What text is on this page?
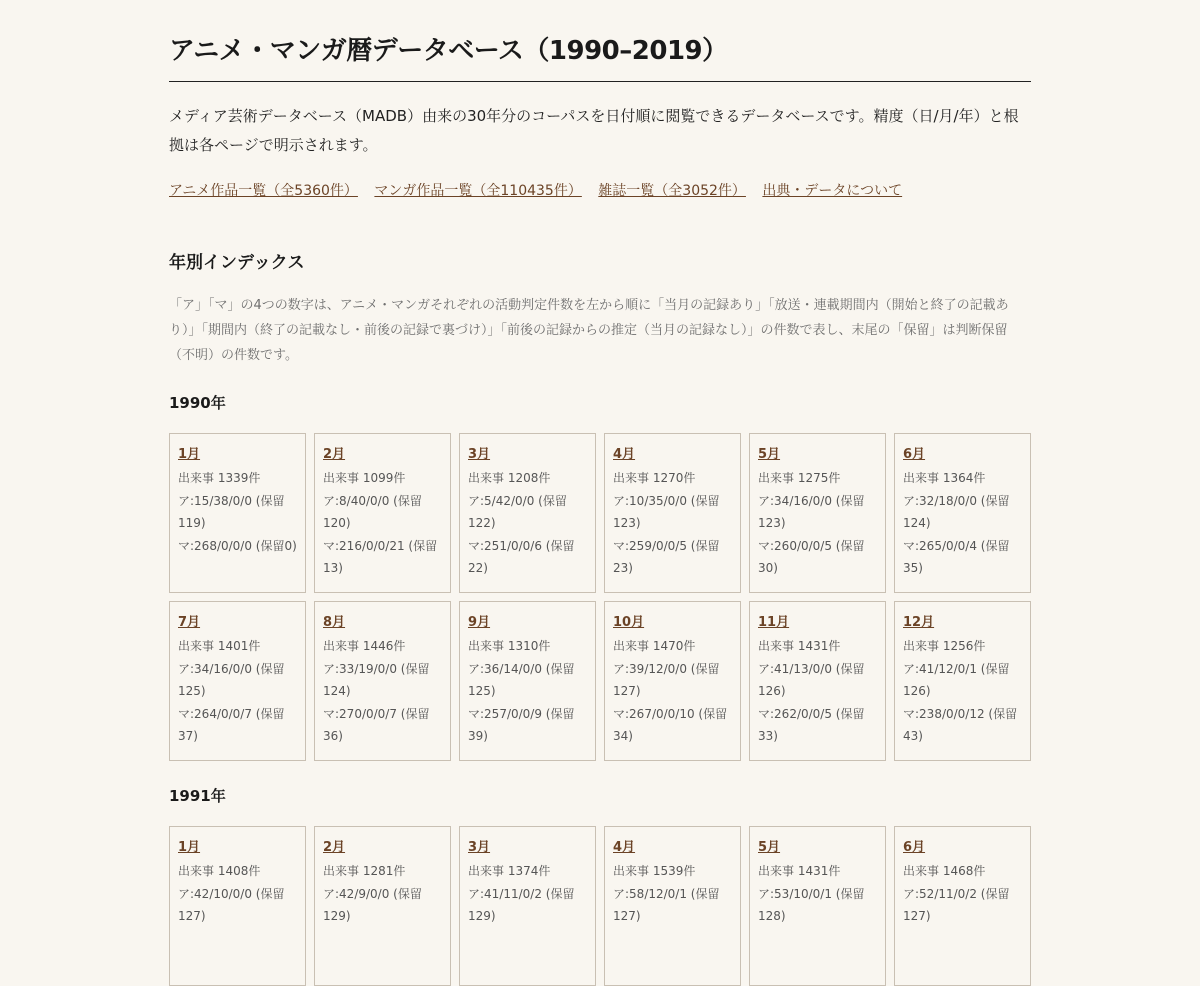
アニメ・マンガ暦データベース（1990–2019）

メディア芸術データベース（MADB）由来の30年分のコーパスを日付順に閲覧できるデータベースです。精度（日/月/年）と根拠は各ページで明示されます。

アニメ作品一覧（全5360件） マンガ作品一覧（全110435件） 雑誌一覧（全3052件） 出典・データについて
年別インデックス

「ア」「マ」の4つの数字は、アニメ・マンガそれぞれの活動判定件数を左から順に「当月の記録あり」「放送・連載期間内（開始と終了の記載あり）」「期間内（終了の記載なし・前後の記録で裏づけ）」「前後の記録からの推定（当月の記録なし）」の件数で表し、末尾の「保留」は判断保留（不明）の件数です。

1990年
1月
出来事 1339件
ア:15/38/0/0 (保留119)
マ:268/0/0/0 (保留0)
2月
出来事 1099件
ア:8/40/0/0 (保留120)
マ:216/0/0/21 (保留13)
3月
出来事 1208件
ア:5/42/0/0 (保留122)
マ:251/0/0/6 (保留22)
4月
出来事 1270件
ア:10/35/0/0 (保留123)
マ:259/0/0/5 (保留23)
5月
出来事 1275件
ア:34/16/0/0 (保留123)
マ:260/0/0/5 (保留30)
6月
出来事 1364件
ア:32/18/0/0 (保留124)
マ:265/0/0/4 (保留35)
7月
出来事 1401件
ア:34/16/0/0 (保留125)
マ:264/0/0/7 (保留37)
8月
出来事 1446件
ア:33/19/0/0 (保留124)
マ:270/0/0/7 (保留36)
9月
出来事 1310件
ア:36/14/0/0 (保留125)
マ:257/0/0/9 (保留39)
10月
出来事 1470件
ア:39/12/0/0 (保留127)
マ:267/0/0/10 (保留34)
11月
出来事 1431件
ア:41/13/0/0 (保留126)
マ:262/0/0/5 (保留33)
12月
出来事 1256件
ア:41/12/0/1 (保留126)
マ:238/0/0/12 (保留43)
1991年
1月
出来事 1408件
ア:42/10/0/0 (保留127)
2月
出来事 1281件
ア:42/9/0/0 (保留129)
3月
出来事 1374件
ア:41/11/0/2 (保留129)
4月
出来事 1539件
ア:58/12/0/1 (保留127)
5月
出来事 1431件
ア:53/10/0/1 (保留128)
6月
出来事 1468件
ア:52/11/0/2 (保留127)
